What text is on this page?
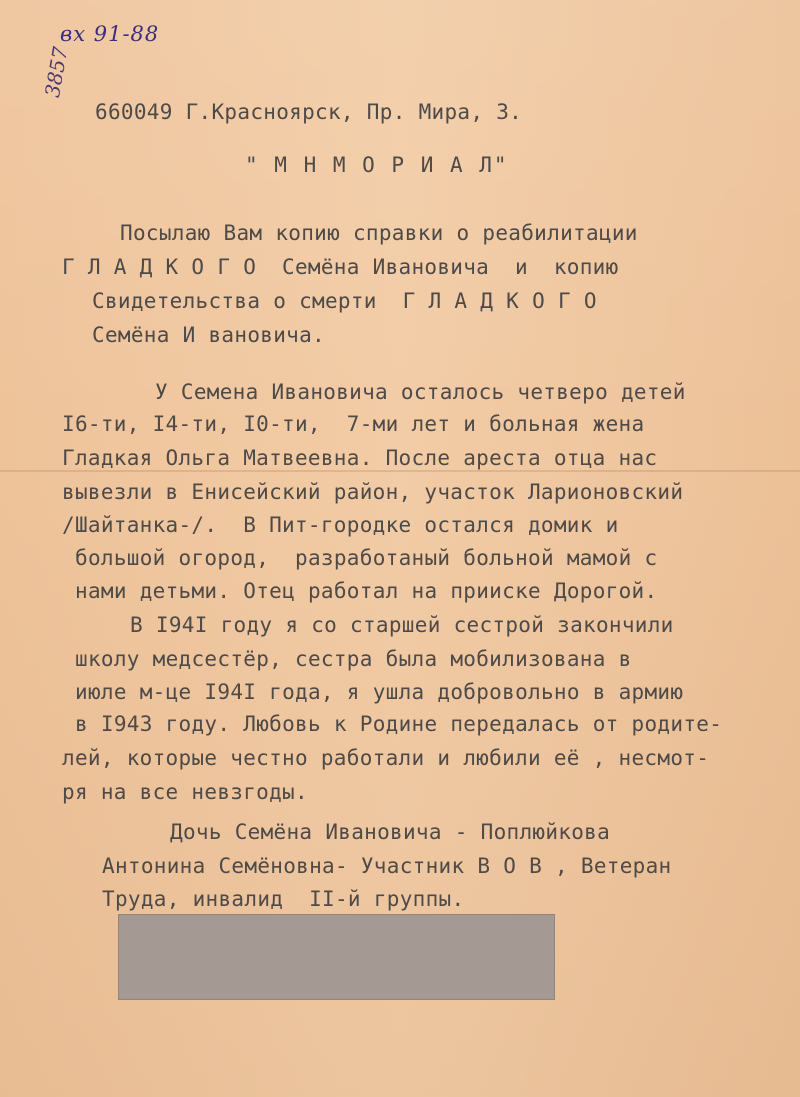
вх 91-88
3857
660049 Г.Красноярск, Пр. Мира, 3.
" М Н М О Р И А Л"
Посылаю Вам копию справки о реабилитации
Г Л А Д К О Г О  Семёна Ивановича  и  копию
Свидетельства о смерти  Г Л А Д К О Г О
Семёна И вановича.
У Семена Ивановича осталось четверо детей
I6-ти, I4-ти, I0-ти,  7-ми лет и больная жена
Гладкая Ольга Матвеевна. После ареста отца нас
вывезли в Енисейский район, участок Ларионовский
/Шайтанка-/.  В Пит-городке остался домик и
большой огород,  разработаный больной мамой с
нами детьми. Отец работал на прииске Дорогой.
В I94I году я со старшей сестрой закончили
школу медсестёр, сестра была мобилизована в
июле м-це I94I года, я ушла добровольно в армию
в I943 году. Любовь к Родине передалась от родите-
лей, которые честно работали и любили её , несмот-
ря на все невзгоды.
Дочь Семёна Ивановича - Поплюйкова
Антонина Семёновна- Участник В О В , Ветеран
Труда, инвалид  II-й группы.
